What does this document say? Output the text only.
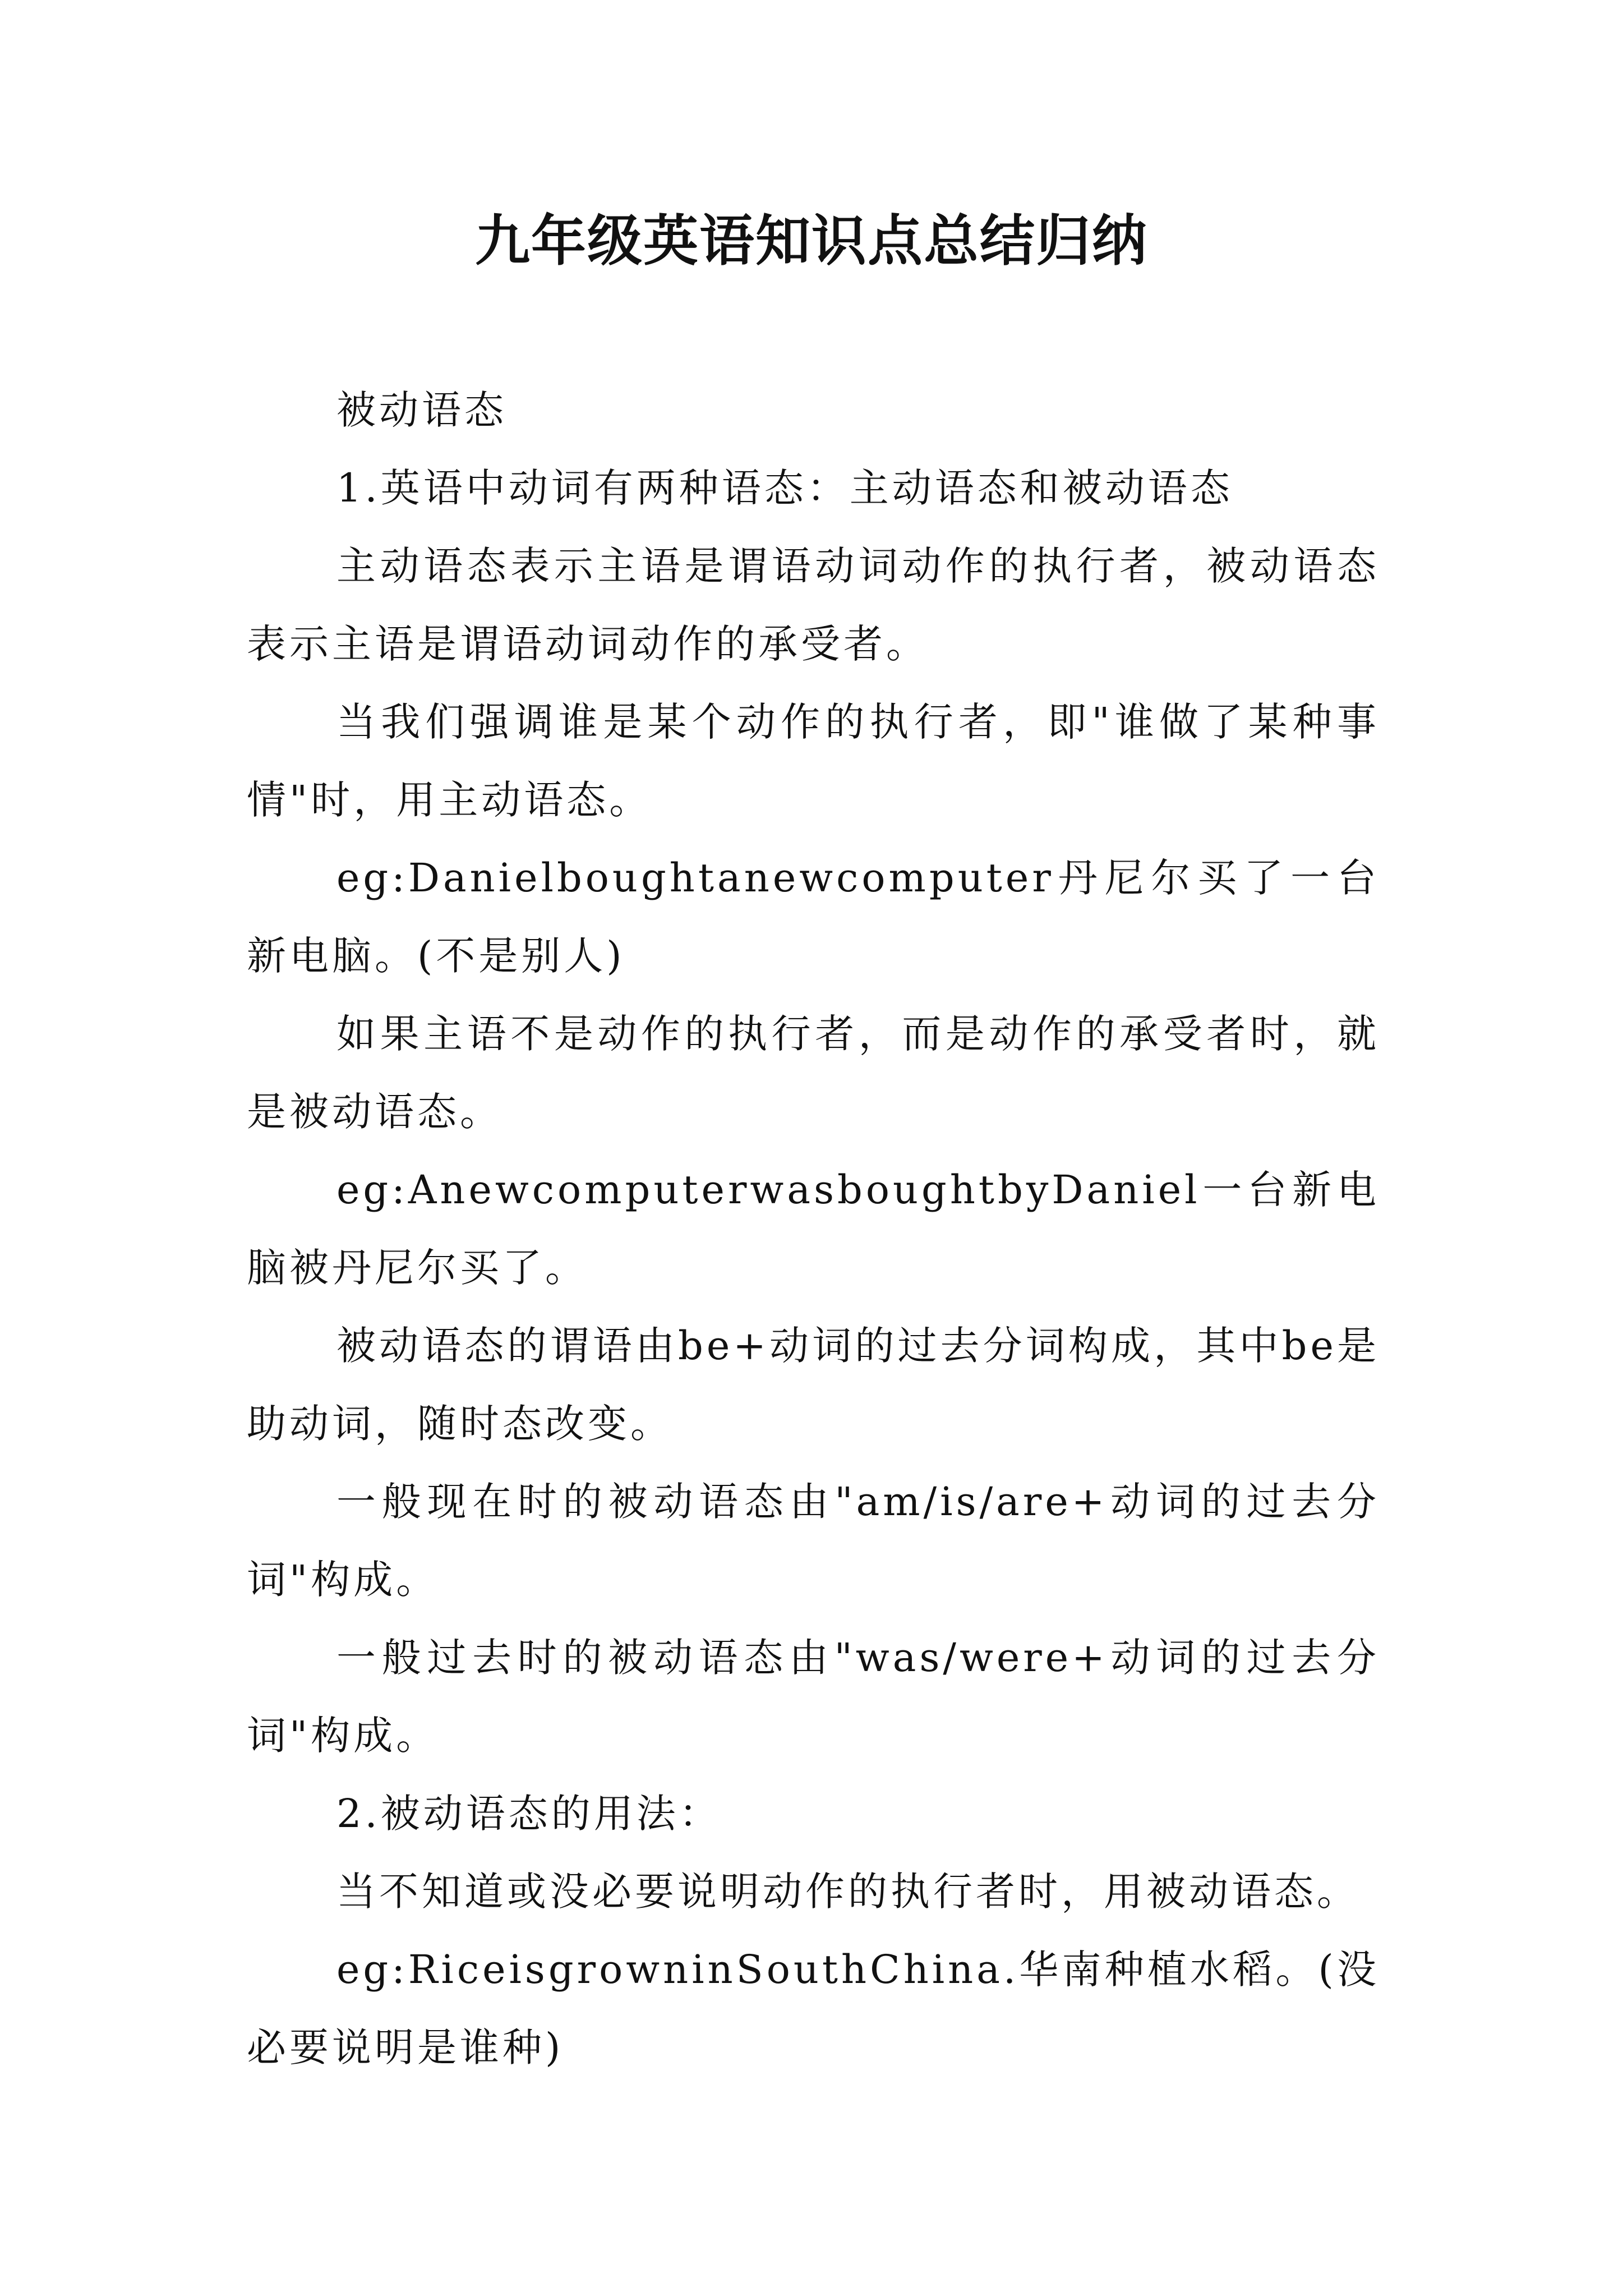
九年级英语知识点总结归纳

被动语态

1.英语中动词有两种语态：主动语态和被动语态

主动语态表示主语是谓语动词动作的执行者，被动语态表示主语是谓语动词动作的承受者。

当我们强调谁是某个动作的执行者，即"谁做了某种事情"时，用主动语态。

eg:Danielboughtanewcomputer丹尼尔买了一台新电脑。(不是别人)

如果主语不是动作的执行者，而是动作的承受者时，就是被动语态。

eg:AnewcomputerwasboughtbyDaniel一台新电脑被丹尼尔买了。

被动语态的谓语由be+动词的过去分词构成，其中be是助动词，随时态改变。

一般现在时的被动语态由"am/is/are+动词的过去分词"构成。

一般过去时的被动语态由"was/were+动词的过去分词"构成。

2.被动语态的用法：

当不知道或没必要说明动作的执行者时，用被动语态。

eg:RiceisgrowninSouthChina.华南种植水稻。(没必要说明是谁种)
